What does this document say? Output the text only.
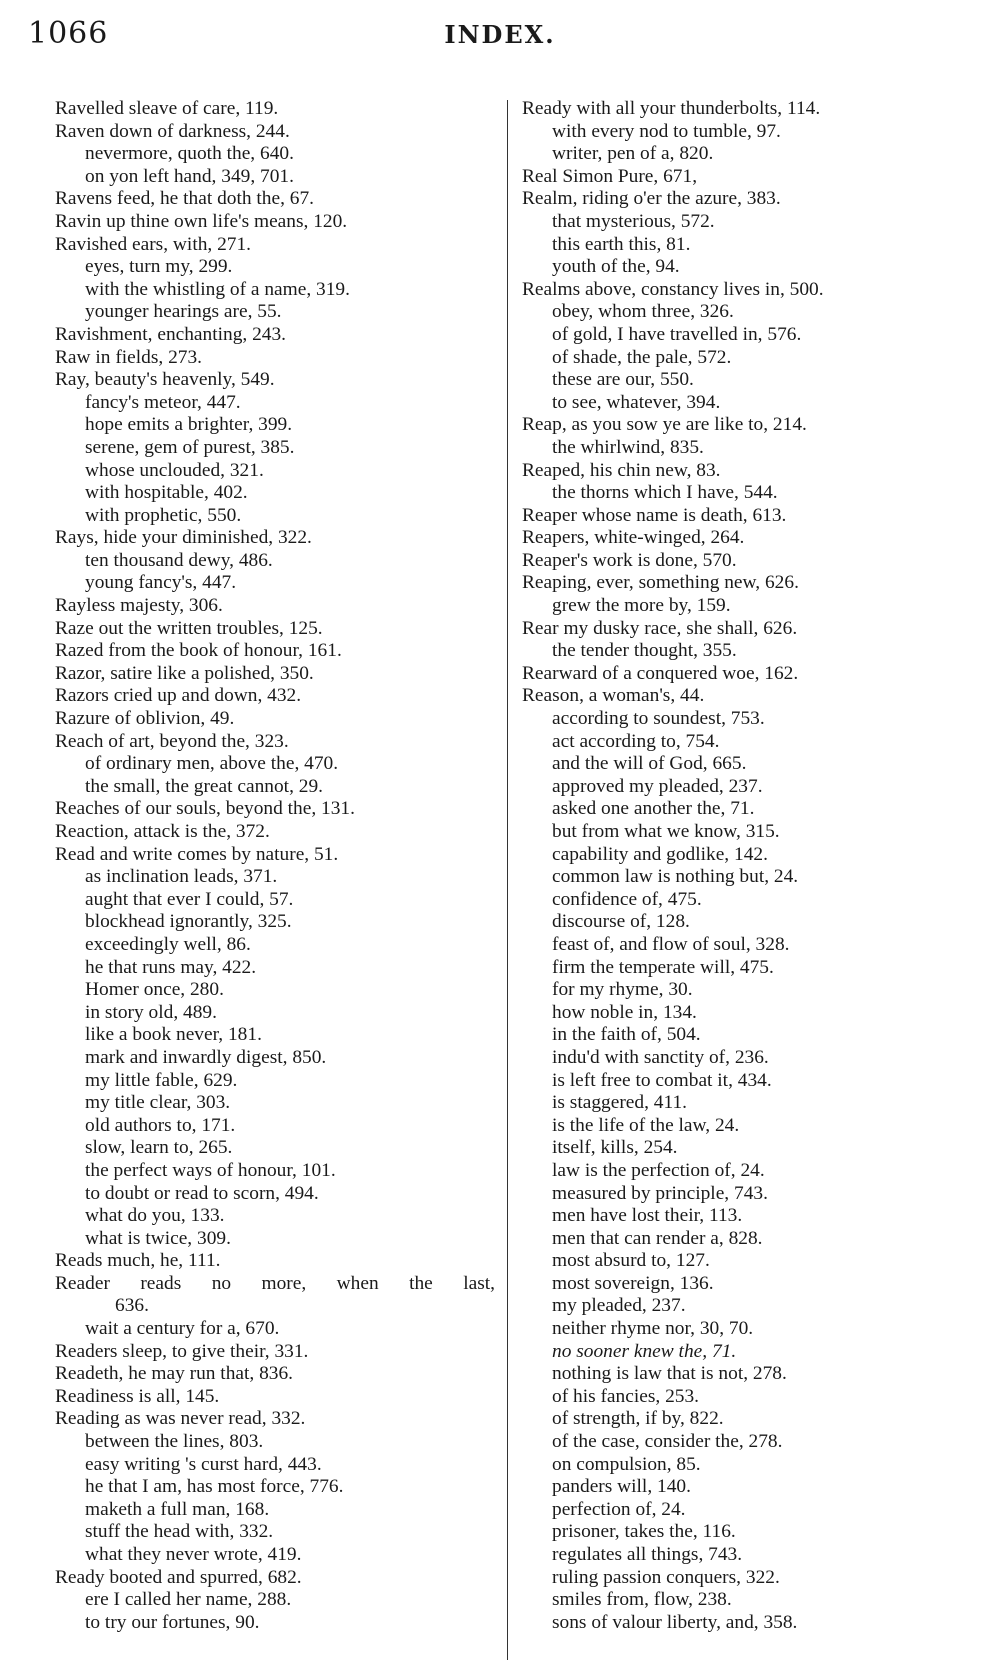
1066	INDEX.
Ravelled sleave of care, 119.
Raven down of darkness, 244.
nevermore, quoth the, 640.
on yon left hand, 349, 701.
Ravens feed, he that doth the, 67.
Ravin up thine own life's means, 120.
Ravished ears, with, 271.
eyes, turn my, 299.
with the whistling of a name, 319.
younger hearings are, 55.
Ravishment, enchanting, 243.
Raw in fields, 273.
Ray, beauty's heavenly, 549.
fancy's meteor, 447.
hope emits a brighter, 399.
serene, gem of purest, 385.
whose unclouded, 321.
with hospitable, 402.
with prophetic, 550.
Rays, hide your diminished, 322.
ten thousand dewy, 486.
young fancy's, 447.
Rayless majesty, 306.
Raze out the written troubles, 125.
Razed from the book of honour, 161.
Razor, satire like a polished, 350.
Razors cried up and down, 432.
Razure of oblivion, 49.
Reach of art, beyond the, 323.
of ordinary men, above the, 470.
the small, the great cannot, 29.
Reaches of our souls, beyond the, 131.
Reaction, attack is the, 372.
Read and write comes by nature, 51.
as inclination leads, 371.
aught that ever I could, 57.
blockhead ignorantly, 325.
exceedingly well, 86.
he that runs may, 422.
Homer once, 280.
in story old, 489.
like a book never, 181.
mark and inwardly digest, 850.
my little fable, 629.
my title clear, 303.
old authors to, 171.
slow, learn to, 265.
the perfect ways of honour, 101.
to doubt or read to scorn, 494.
what do you, 133.
what is twice, 309.
Reads much, he, 111.
Reader reads no more, when the last,
636.
wait a century for a, 670.
Readers sleep, to give their, 331.
Readeth, he may run that, 836.
Readiness is all, 145.
Reading as was never read, 332.
between the lines, 803.
easy writing 's curst hard, 443.
he that I am, has most force, 776.
maketh a full man, 168.
stuff the head with, 332.
what they never wrote, 419.
Ready booted and spurred, 682.
ere I called her name, 288.
to try our fortunes, 90.
Ready with all your thunderbolts, 114.
with every nod to tumble, 97.
writer, pen of a, 820.
Real Simon Pure, 671,
Realm, riding o'er the azure, 383.
that mysterious, 572.
this earth this, 81.
youth of the, 94.
Realms above, constancy lives in, 500.
obey, whom three, 326.
of gold, I have travelled in, 576.
of shade, the pale, 572.
these are our, 550.
to see, whatever, 394.
Reap, as you sow ye are like to, 214.
the whirlwind, 835.
Reaped, his chin new, 83.
the thorns which I have, 544.
Reaper whose name is death, 613.
Reapers, white-winged, 264.
Reaper's work is done, 570.
Reaping, ever, something new, 626.
grew the more by, 159.
Rear my dusky race, she shall, 626.
the tender thought, 355.
Rearward of a conquered woe, 162.
Reason, a woman's, 44.
according to soundest, 753.
act according to, 754.
and the will of God, 665.
approved my pleaded, 237.
asked one another the, 71.
but from what we know, 315.
capability and godlike, 142.
common law is nothing but, 24.
confidence of, 475.
discourse of, 128.
feast of, and flow of soul, 328.
firm the temperate will, 475.
for my rhyme, 30.
how noble in, 134.
in the faith of, 504.
indu'd with sanctity of, 236.
is left free to combat it, 434.
is staggered, 411.
is the life of the law, 24.
itself, kills, 254.
law is the perfection of, 24.
measured by principle, 743.
men have lost their, 113.
men that can render a, 828.
most absurd to, 127.
most sovereign, 136.
my pleaded, 237.
neither rhyme nor, 30, 70.
no sooner knew the, 71.
nothing is law that is not, 278.
of his fancies, 253.
of strength, if by, 822.
of the case, consider the, 278.
on compulsion, 85.
panders will, 140.
perfection of, 24.
prisoner, takes the, 116.
regulates all things, 743.
ruling passion conquers, 322.
smiles from, flow, 238.
sons of valour liberty, and, 358.
